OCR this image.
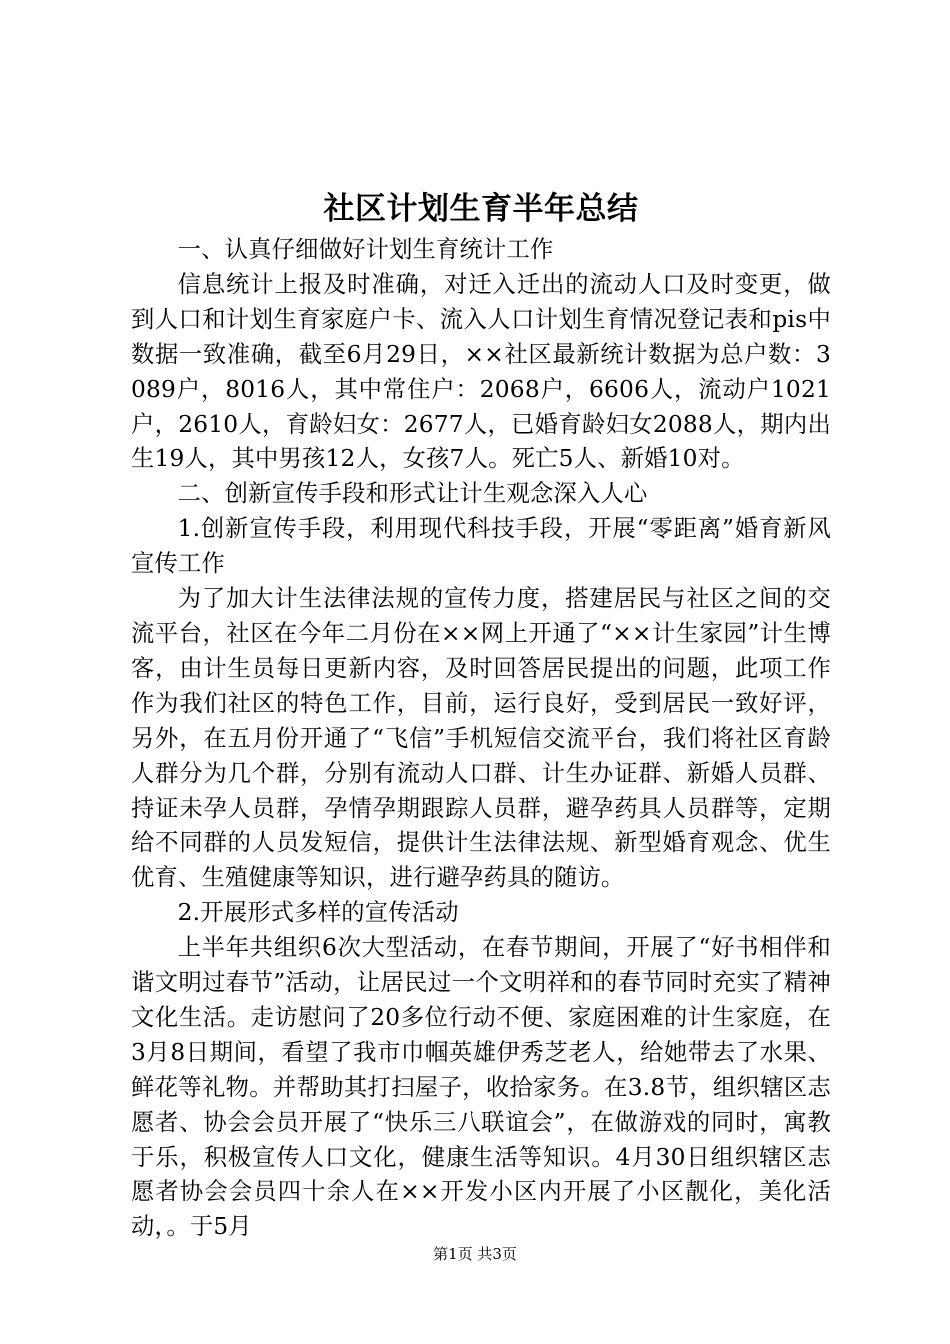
社区计划生育半年总结

一、认真仔细做好计划生育统计工作

信息统计上报及时准确，对迁入迁出的流动人口及时变更，做到人口和计划生育家庭户卡、流入人口计划生育情况登记表和pis中数据一致准确，截至6月29日，××社区最新统计数据为总户数：3089户，8016人，其中常住户：2068户，6606人，流动户1021户，2610人，育龄妇女：2677人，已婚育龄妇女2088人，期内出生19人，其中男孩12人，女孩7人。死亡5人、新婚10对。

二、创新宣传手段和形式让计生观念深入人心

1.创新宣传手段，利用现代科技手段，开展“零距离”婚育新风宣传工作

为了加大计生法律法规的宣传力度，搭建居民与社区之间的交流平台，社区在今年二月份在××网上开通了“××计生家园”计生博客，由计生员每日更新内容，及时回答居民提出的问题，此项工作作为我们社区的特色工作，目前，运行良好，受到居民一致好评，另外，在五月份开通了“飞信”手机短信交流平台，我们将社区育龄人群分为几个群，分别有流动人口群、计生办证群、新婚人员群、持证未孕人员群，孕情孕期跟踪人员群，避孕药具人员群等，定期给不同群的人员发短信，提供计生法律法规、新型婚育观念、优生优育、生殖健康等知识，进行避孕药具的随访。

2.开展形式多样的宣传活动

上半年共组织6次大型活动，在春节期间，开展了“好书相伴和谐文明过春节”活动，让居民过一个文明祥和的春节同时充实了精神文化生活。走访慰问了20多位行动不便、家庭困难的计生家庭，在3月8日期间，看望了我市巾帼英雄伊秀芝老人，给她带去了水果、鲜花等礼物。并帮助其打扫屋子，收拾家务。在3.8节，组织辖区志愿者、协会会员开展了“快乐三八联谊会”，在做游戏的同时，寓教于乐，积极宣传人口文化，健康生活等知识。4月30日组织辖区志愿者协会会员四十余人在××开发小区内开展了小区靓化，美化活动，。于5月

第1页 共3页
